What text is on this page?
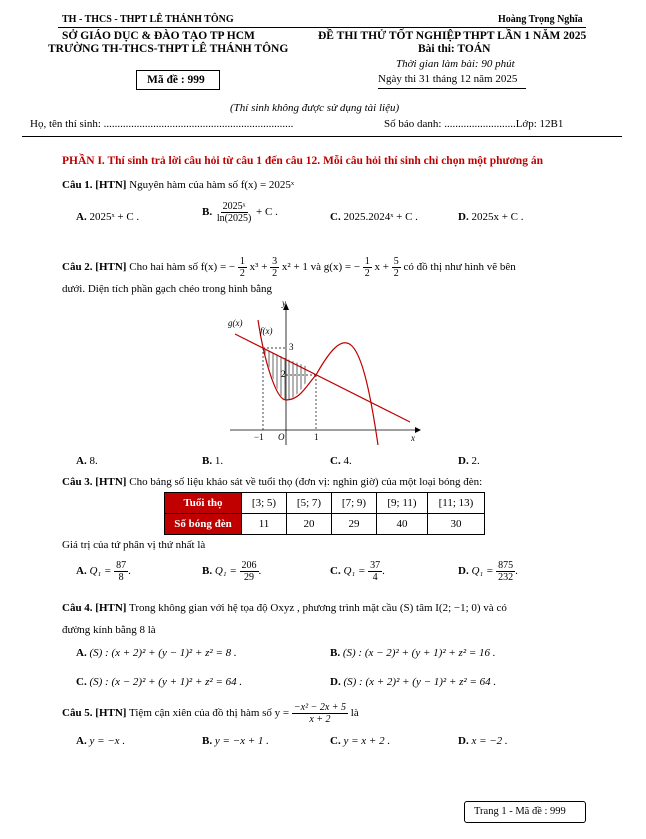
TH - THCS - THPT LÊ THÁNH TÔNG	Hoàng Trọng Nghĩa
SỞ GIÁO DỤC & ĐÀO TẠO TP HCM
TRƯỜNG TH-THCS-THPT LÊ THÁNH TÔNG
ĐỀ THI THỬ TỐT NGHIỆP THPT LẦN 1 NĂM 2025
Bài thi: TOÁN
Thời gian làm bài: 90 phút
Mã đề : 999	Ngày thi 31 tháng 12 năm 2025
(Thí sinh không được sử dụng tài liệu)
Họ, tên thí sinh: .....................................................................	Số báo danh: ..........................Lớp: 12B1
PHẦN I. Thí sinh trả lời câu hỏi từ câu 1 đến câu 12. Mỗi câu hỏi thí sinh chỉ chọn một phương án
Câu 1. [HTN] Nguyên hàm của hàm số f(x) = 2025ˣ
A. 2025ˣ + C .	B. $\frac{\text{2025ˣ}}{\ln(2025)} + C$ .	C. 2025.2024ˣ + C .	D. 2025x + C .
Câu 2. [HTN] Cho hai hàm số f(x) = − $\frac{1}{2} x^3 + \frac{3}{2} x^2 + 1$ và g(x) = − $\frac{1}{2}$ $x + \frac{5}{2}$ có đồ thị như hình vẽ bên
dưới. Diện tích phần gạch chéo trong hình bằng
g(x)
f(x)
y
x
3
2
−1 O	1
A. 8.	B. 1.	C. 4.	D. 2.
Câu 3. [HTN] Cho bảng số liệu khảo sát về tuổi thọ (đơn vị: nghìn giờ) của một loại bóng đèn:
Tuổi thọ	[3; 5)	[5; 7)	[7; 9)	[9; 11)	[11; 13)
Số bóng đèn	11	20	29	40	30
Giá trị của tứ phân vị thứ nhất là
A. $Q_1 = \frac{87}{8}$ .	B. $Q_1 = \frac{206}{29}$ .	C. $Q_1 = \frac{37}{4}$ .	D. $Q_1 = \frac{875}{232}$ .
Câu 4. [HTN] Trong không gian với hệ tọa độ Oxyz , phương trình mặt cầu (S) tâm I(2; −1; 0) và có
đường kính bằng 8 là
A. (S) : (x + 2)² + (y − 1)² + z² = 8 .	B. (S) : (x − 2)² + (y + 1)² + z² = 16 .
C. (S) : (x − 2)² + (y + 1)² + z² = 64 .	D. (S) : (x + 2)² + (y − 1)² + z² = 64 .
Câu 5. [HTN] Tiệm cận xiên của đồ thị hàm số $y = \frac{\text{−x² − 2x + 5}}{x + 2}$ là
A. y = −x .	B. y = −x + 1 .	C. y = x + 2 .	D. x = −2 .
Trang 1 - Mã đề : 999
